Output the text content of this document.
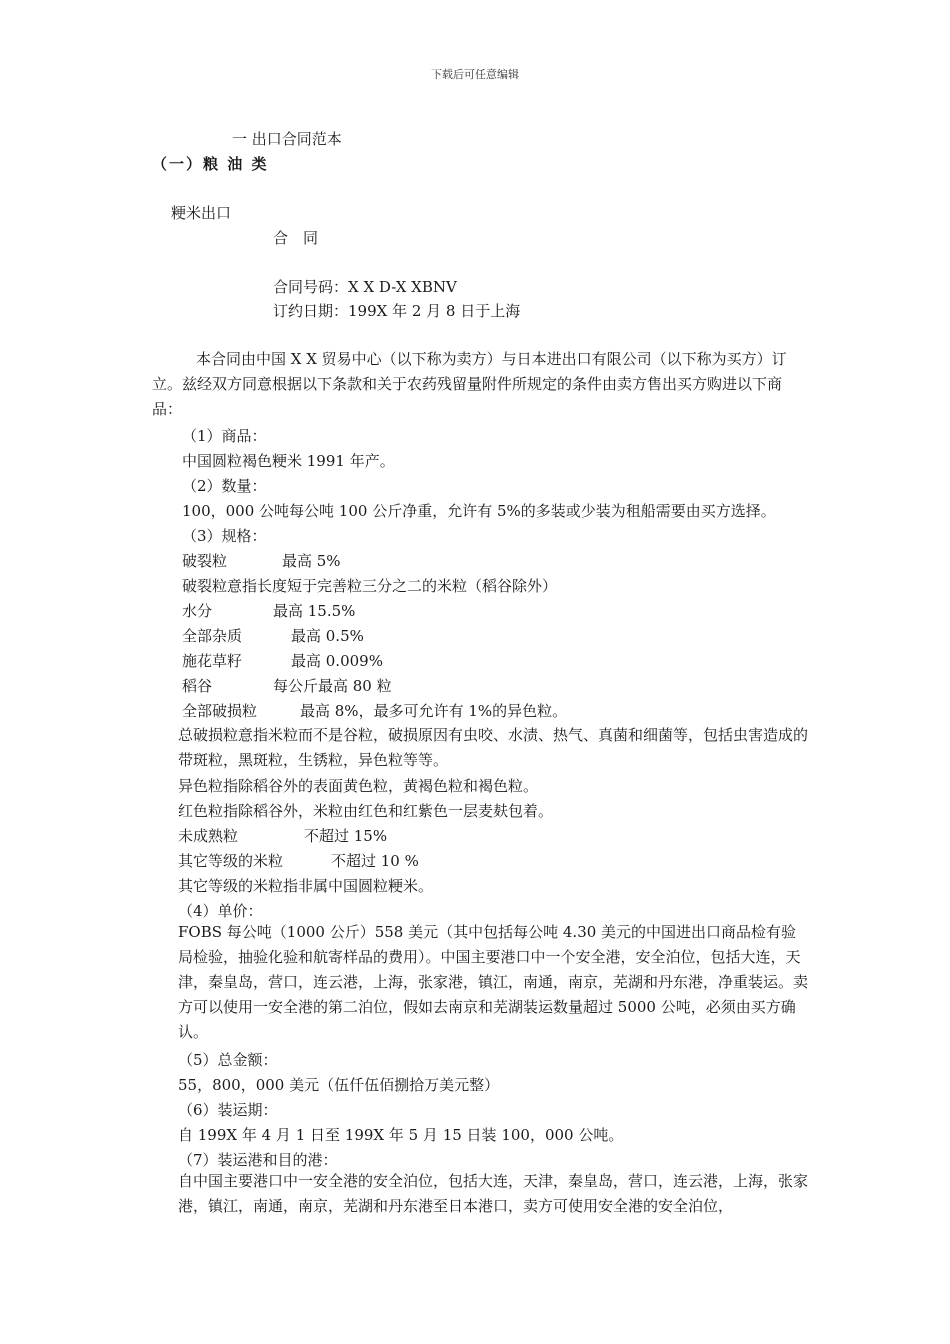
下载后可任意编辑
一 出口合同范本
（一）粮 油 类
粳米出口
合　同
合同号码：X X D-X XBNV
订约日期：199X 年 2 月 8 日于上海
本合同由中国 X X 贸易中心（以下称为卖方）与日本进出口有限公司（以下称为买方）订立。兹经双方同意根据以下条款和关于农药残留量附件所规定的条件由卖方售出买方购进以下商品：
（1）商品：
中国圆粒褐色粳米 1991 年产。
（2）数量：
100，000 公吨每公吨 100 公斤净重，允许有 5%的多装或少装为租船需要由买方选择。
（3）规格：
破裂粒	最高 5%
破裂粒意指长度短于完善粒三分之二的米粒（稻谷除外）
水分	最高 15.5%
全部杂质	最高 0.5%
施花草籽	最高 0.009%
稻谷	每公斤最高 80 粒
全部破损粒	最高 8%，最多可允许有 1%的异色粒。
总破损粒意指米粒而不是谷粒，破损原因有虫咬、水渍、热气、真菌和细菌等，包括虫害造成的带斑粒，黑斑粒，生锈粒，异色粒等等。
异色粒指除稻谷外的表面黄色粒，黄褐色粒和褐色粒。
红色粒指除稻谷外，米粒由红色和红紫色一层麦麸包着。
未成熟粒	不超过 15%
其它等级的米粒	不超过 10 %
其它等级的米粒指非属中国圆粒粳米。
（4）单价：
FOBS 每公吨（1000 公斤）558 美元（其中包括每公吨 4.30 美元的中国进出口商品检有验局检验，抽验化验和航寄样品的费用）。中国主要港口中一个安全港，安全泊位，包括大连，天津，秦皇岛，营口，连云港，上海，张家港，镇江，南通，南京，芜湖和丹东港，净重装运。卖方可以使用一安全港的第二泊位，假如去南京和芜湖装运数量超过 5000 公吨，必须由买方确认。
（5）总金额：
55，800，000 美元（伍仟伍佰捌拾万美元整）
（6）装运期：
自 199X 年 4 月 1 日至 199X 年 5 月 15 日装 100，000 公吨。
（7）装运港和目的港：
自中国主要港口中一安全港的安全泊位，包括大连，天津，秦皇岛，营口，连云港，上海，张家港，镇江，南通，南京，芜湖和丹东港至日本港口，卖方可使用安全港的安全泊位，
